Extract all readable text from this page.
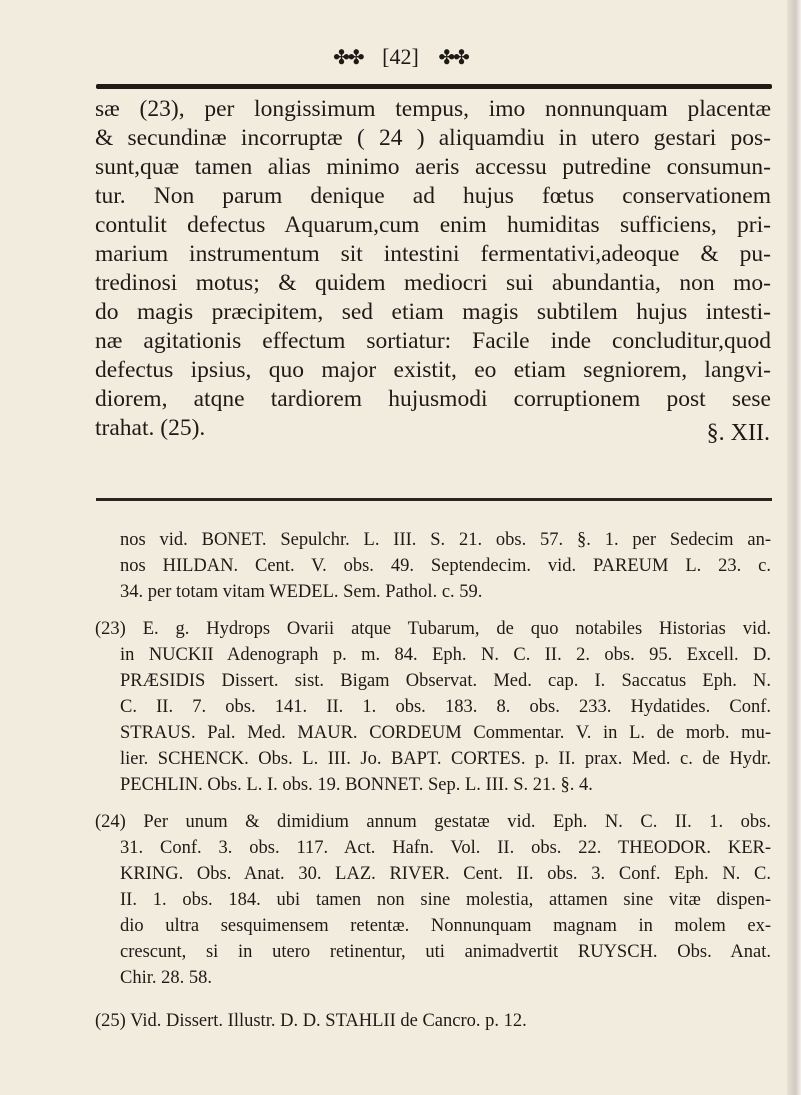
✤✤ [42] ✤✤
sæ (23), per longissimum tempus, imo nonnunquam placentæ
& secundinæ incorruptæ ( 24 ) aliquamdiu in utero gestari pos-
sunt,quæ tamen alias minimo aeris accessu putredine consumun-
tur. Non parum denique ad hujus fœtus conservationem
contulit defectus Aquarum,cum enim humiditas sufficiens, pri-
marium instrumentum sit intestini fermentativi,adeoque & pu-
tredinosi motus; & quidem mediocri sui abundantia, non mo-
do magis præcipitem, sed etiam magis subtilem hujus intesti-
næ agitationis effectum sortiatur: Facile inde concluditur,quod
defectus ipsius, quo major existit, eo etiam segniorem, langvi-
diorem, atqne tardiorem hujusmodi corruptionem post sese
trahat. (25).	§. XII.
nos vid. BONET. Sepulchr. L. III. S. 21. obs. 57. §. 1. per Sedecim an-
nos HILDAN. Cent. V. obs. 49. Septendecim. vid. PAREUM L. 23. c.
34. per totam vitam WEDEL. Sem. Pathol. c. 59.
(23) E. g. Hydrops Ovarii atque Tubarum, de quo notabiles Historias vid.
in NUCKII Adenograph p. m. 84. Eph. N. C. II. 2. obs. 95. Excell. D.
PRÆSIDIS Dissert. sist. Bigam Observat. Med. cap. I. Saccatus Eph. N.
C. II. 7. obs. 141. II. 1. obs. 183. 8. obs. 233. Hydatides. Conf.
STRAUS. Pal. Med. MAUR. CORDEUM Commentar. V. in L. de morb. mu-
lier. SCHENCK. Obs. L. III. Jo. BAPT. CORTES. p. II. prax. Med. c. de Hydr.
PECHLIN. Obs. L. I. obs. 19. BONNET. Sep. L. III. S. 21. §. 4.
(24) Per unum & dimidium annum gestatæ vid. Eph. N. C. II. 1. obs.
31. Conf. 3. obs. 117. Act. Hafn. Vol. II. obs. 22. THEODOR. KER-
KRING. Obs. Anat. 30. LAZ. RIVER. Cent. II. obs. 3. Conf. Eph. N. C.
II. 1. obs. 184. ubi tamen non sine molestia, attamen sine vitæ dispen-
dio ultra sesquimensem retentæ. Nonnunquam magnam in molem ex-
crescunt, si in utero retinentur, uti animadvertit RUYSCH. Obs. Anat.
Chir. 28. 58.
(25) Vid. Dissert. Illustr. D. D. STAHLII de Cancro. p. 12.
